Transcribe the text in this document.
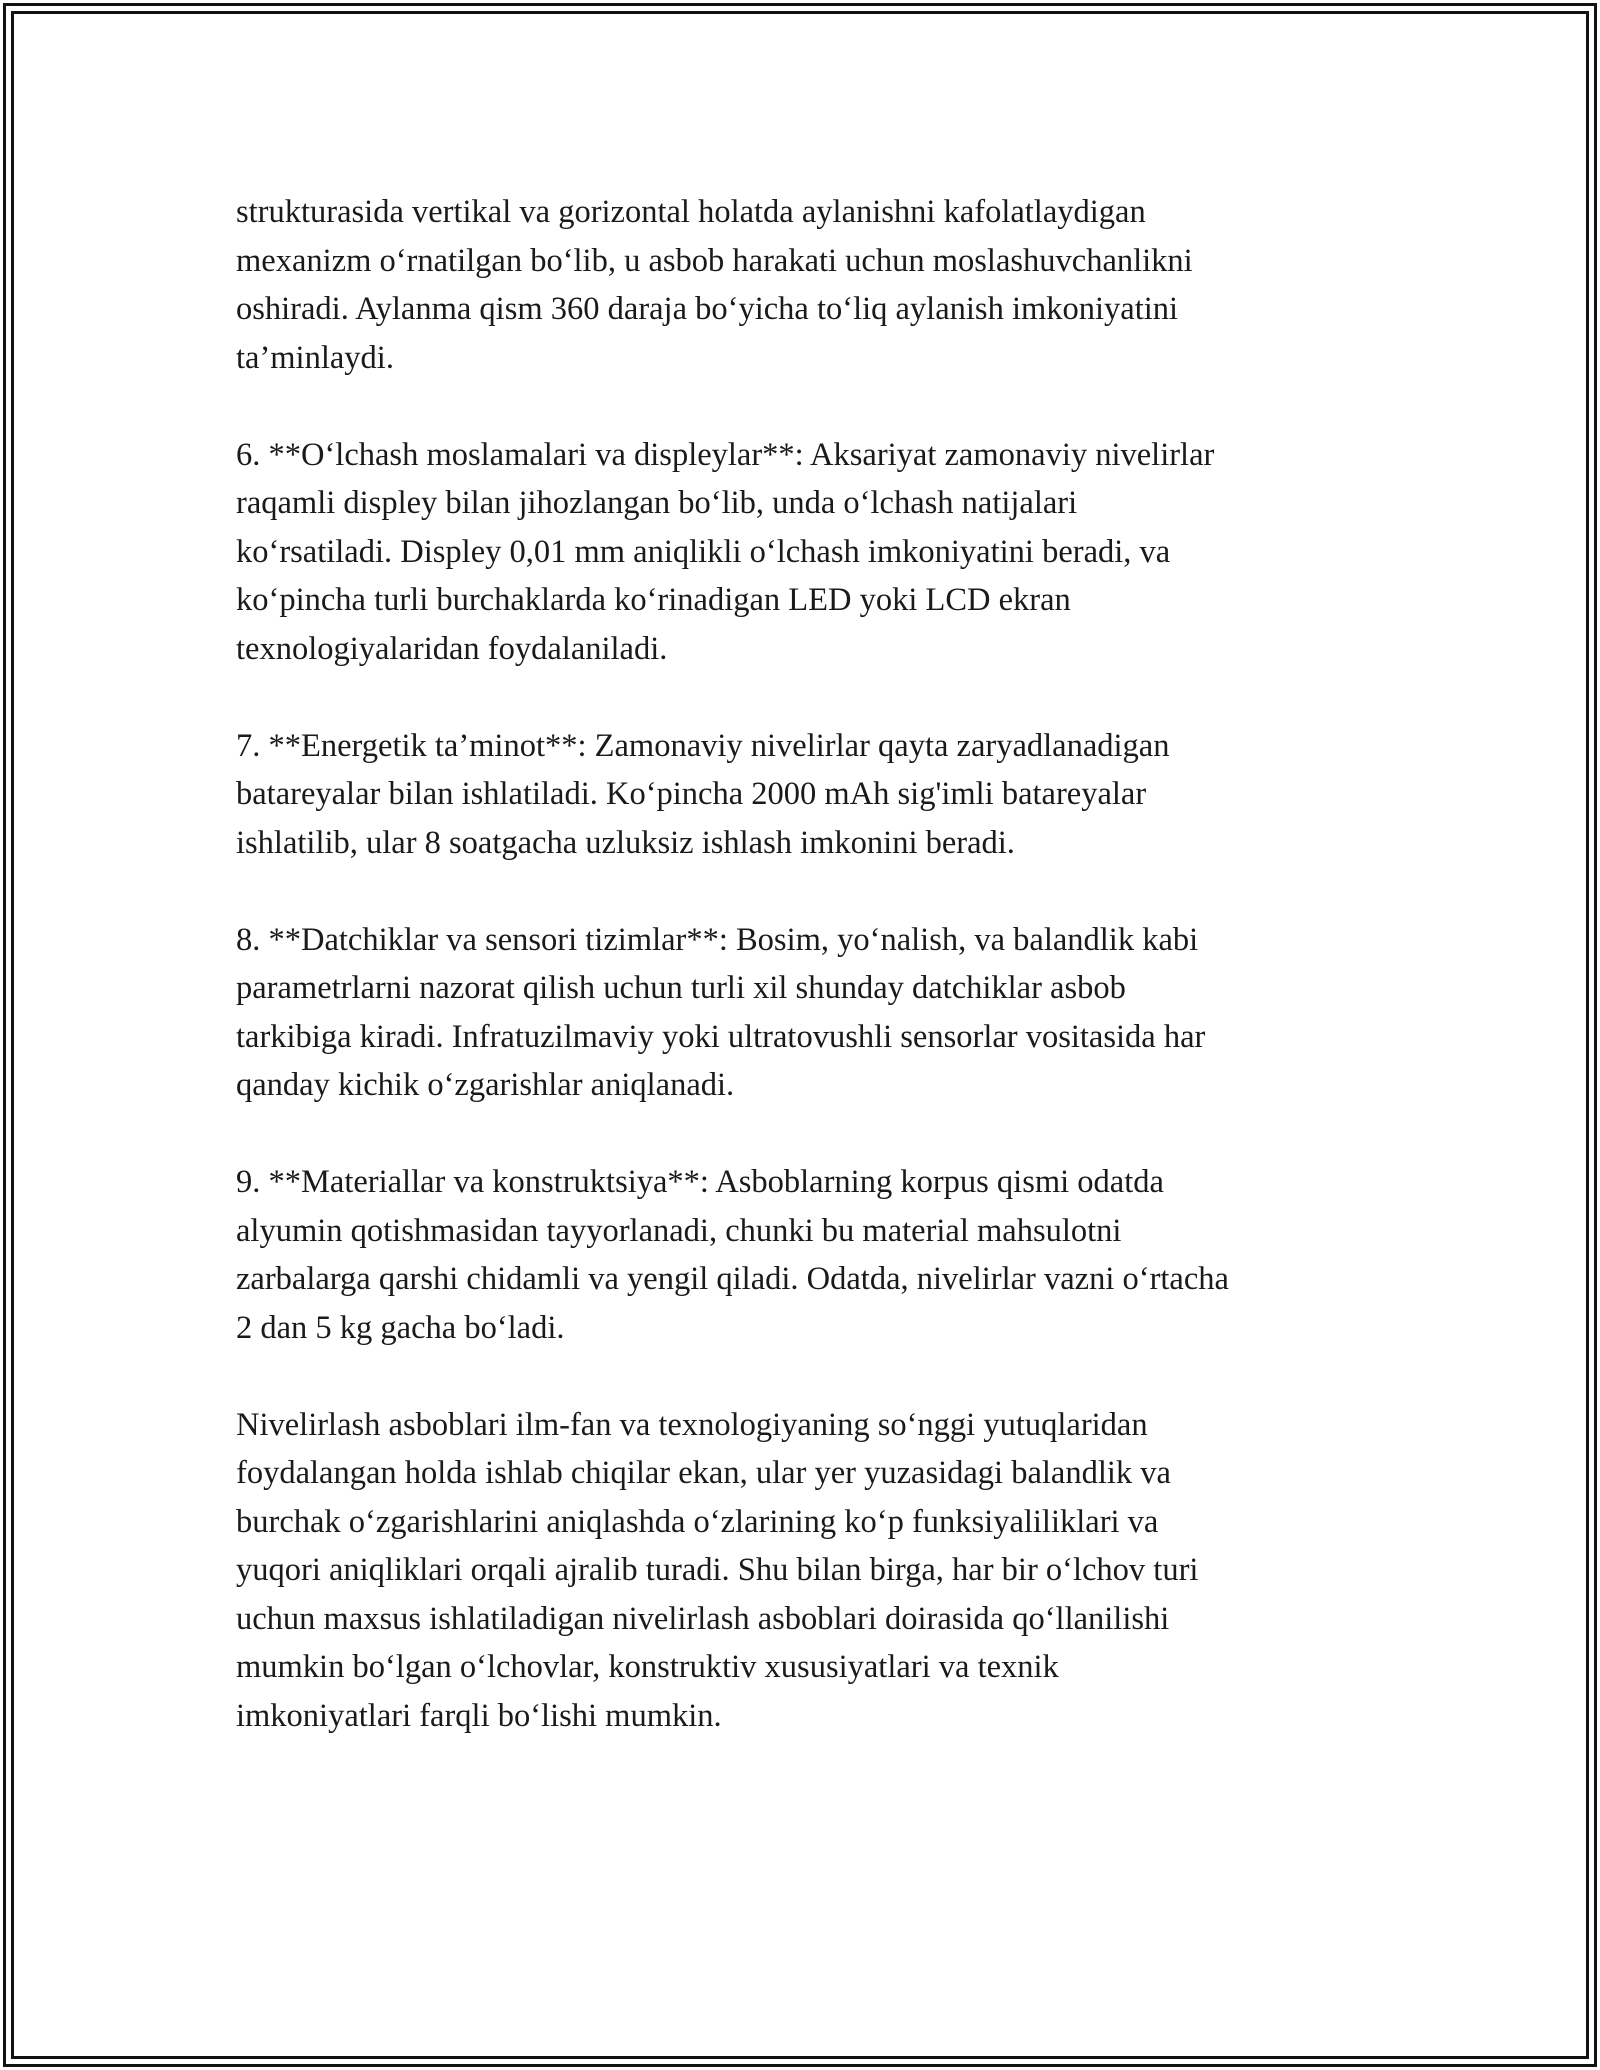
strukturasida vertikal va gorizontal holatda aylanishni kafolatlaydigan
mexanizm o‘rnatilgan bo‘lib, u asbob harakati uchun moslashuvchanlikni
oshiradi. Aylanma qism 360 daraja bo‘yicha to‘liq aylanish imkoniyatini
ta’minlaydi.

6. **O‘lchash moslamalari va displeylar**: Aksariyat zamonaviy nivelirlar
raqamli displey bilan jihozlangan bo‘lib, unda o‘lchash natijalari
ko‘rsatiladi. Displey 0,01 mm aniqlikli o‘lchash imkoniyatini beradi, va
ko‘pincha turli burchaklarda ko‘rinadigan LED yoki LCD ekran
texnologiyalaridan foydalaniladi.

7. **Energetik ta’minot**: Zamonaviy nivelirlar qayta zaryadlanadigan
batareyalar bilan ishlatiladi. Ko‘pincha 2000 mAh sig'imli batareyalar
ishlatilib, ular 8 soatgacha uzluksiz ishlash imkonini beradi.

8. **Datchiklar va sensori tizimlar**: Bosim, yo‘nalish, va balandlik kabi
parametrlarni nazorat qilish uchun turli xil shunday datchiklar asbob
tarkibiga kiradi. Infratuzilmaviy yoki ultratovushli sensorlar vositasida har
qanday kichik o‘zgarishlar aniqlanadi.

9. **Materiallar va konstruktsiya**: Asboblarning korpus qismi odatda
alyumin qotishmasidan tayyorlanadi, chunki bu material mahsulotni
zarbalarga qarshi chidamli va yengil qiladi. Odatda, nivelirlar vazni o‘rtacha
2 dan 5 kg gacha bo‘ladi.

Nivelirlash asboblari ilm-fan va texnologiyaning so‘nggi yutuqlaridan
foydalangan holda ishlab chiqilar ekan, ular yer yuzasidagi balandlik va
burchak o‘zgarishlarini aniqlashda o‘zlarining ko‘p funksiyaliliklari va
yuqori aniqliklari orqali ajralib turadi. Shu bilan birga, har bir o‘lchov turi
uchun maxsus ishlatiladigan nivelirlash asboblari doirasida qo‘llanilishi
mumkin bo‘lgan o‘lchovlar, konstruktiv xususiyatlari va texnik
imkoniyatlari farqli bo‘lishi mumkin.
